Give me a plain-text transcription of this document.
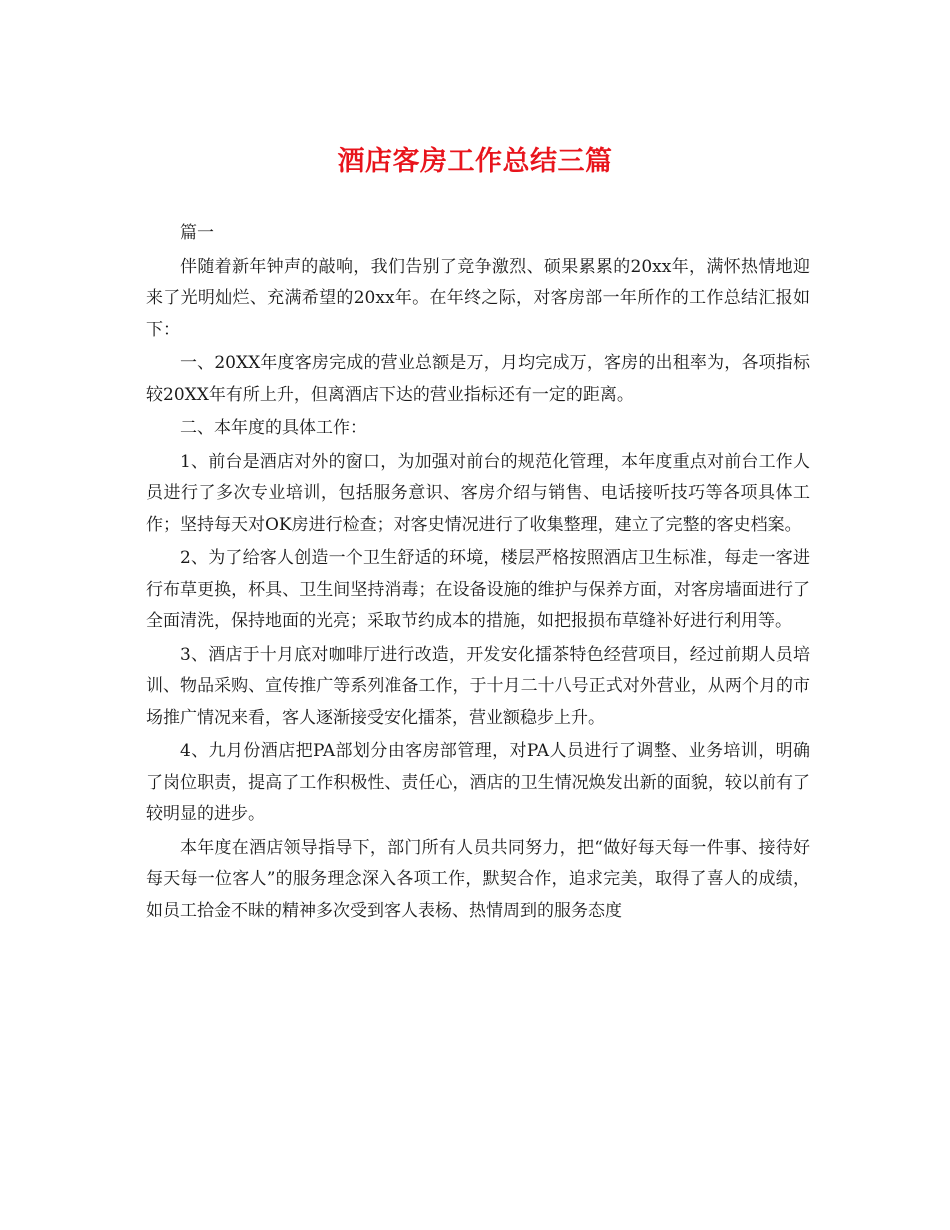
酒店客房工作总结三篇

篇一

伴随着新年钟声的敲响，我们告别了竞争激烈、硕果累累的20xx年，满怀热情地迎来了光明灿烂、充满希望的20xx年。在年终之际，对客房部一年所作的工作总结汇报如下：

一、20XX年度客房完成的营业总额是万，月均完成万，客房的出租率为，各项指标较20XX年有所上升，但离酒店下达的营业指标还有一定的距离。

二、本年度的具体工作：

1、前台是酒店对外的窗口，为加强对前台的规范化管理，本年度重点对前台工作人员进行了多次专业培训，包括服务意识、客房介绍与销售、电话接听技巧等各项具体工作；坚持每天对OK房进行检查；对客史情况进行了收集整理，建立了完整的客史档案。

2、为了给客人创造一个卫生舒适的环境，楼层严格按照酒店卫生标准，每走一客进行布草更换，杯具、卫生间坚持消毒；在设备设施的维护与保养方面，对客房墙面进行了全面清洗，保持地面的光亮；采取节约成本的措施，如把报损布草缝补好进行利用等。

3、酒店于十月底对咖啡厅进行改造，开发安化擂茶特色经营项目，经过前期人员培训、物品采购、宣传推广等系列准备工作，于十月二十八号正式对外营业，从两个月的市场推广情况来看，客人逐渐接受安化擂茶，营业额稳步上升。

4、九月份酒店把PA部划分由客房部管理，对PA人员进行了调整、业务培训，明确了岗位职责，提高了工作积极性、责任心，酒店的卫生情况焕发出新的面貌，较以前有了较明显的进步。

本年度在酒店领导指导下，部门所有人员共同努力，把“做好每天每一件事、接待好每天每一位客人”的服务理念深入各项工作，默契合作，追求完美，取得了喜人的成绩，如员工拾金不昧的精神多次受到客人表杨、热情周到的服务态度
